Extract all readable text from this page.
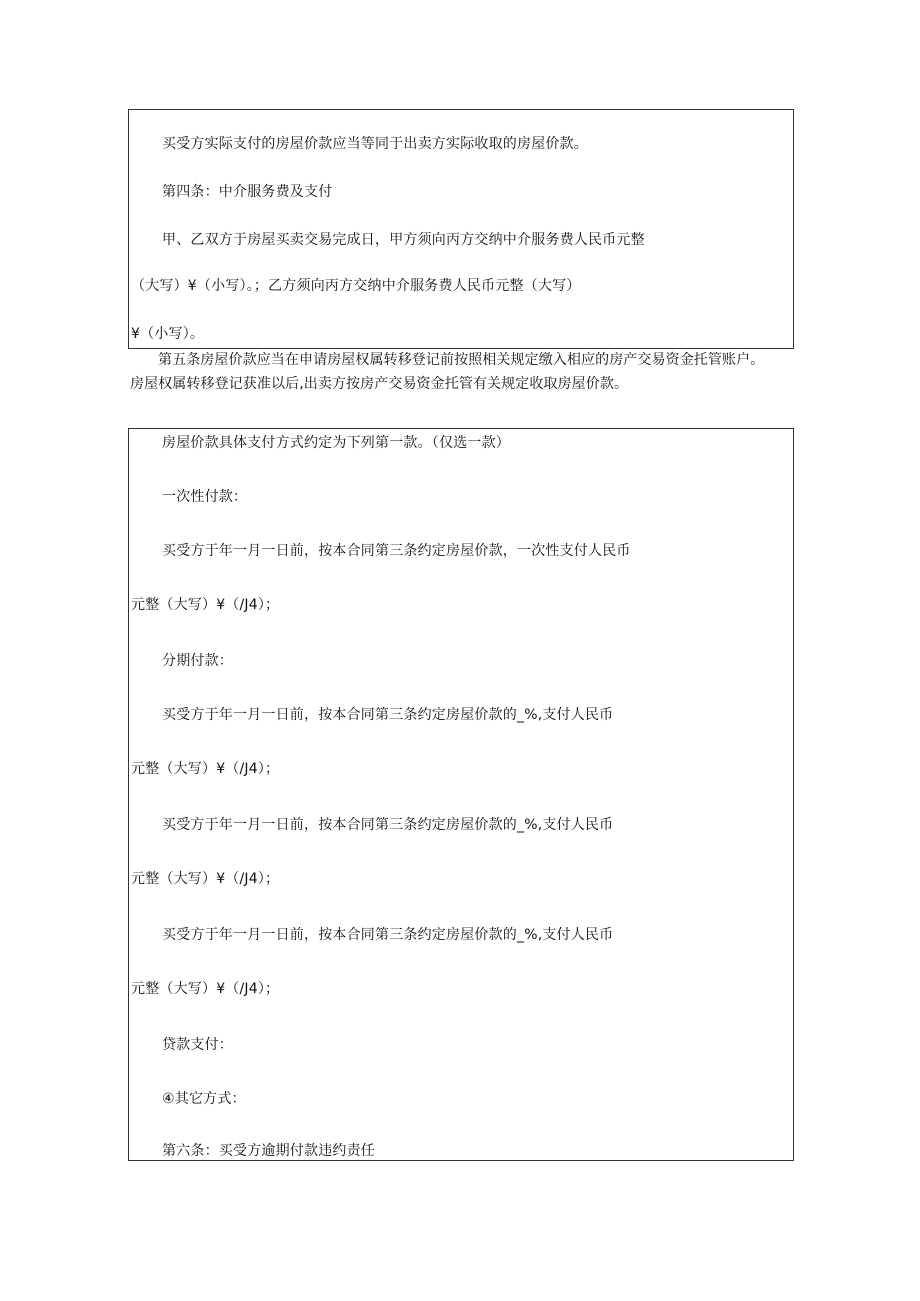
买受方实际支付的房屋价款应当等同于出卖方实际收取的房屋价款。
第四条：中介服务费及支付
甲、乙双方于房屋买卖交易完成日，甲方须向丙方交纳中介服务费人民币元整
（大写）¥（小写）。；乙方须向丙方交纳中介服务费人民币元整（大写）
¥（小写）。
第五条房屋价款应当在申请房屋权属转移登记前按照相关规定缴入相应的房产交易资金托管账户。房屋权属转移登记获准以后,出卖方按房产交易资金托管有关规定收取房屋价款。
房屋价款具体支付方式约定为下列第一款。（仅选一款）
一次性付款：
买受方于年一月一日前，按本合同第三条约定房屋价款，一次性支付人民币
元整（大写）¥（/J4）；
分期付款：
买受方于年一月一日前，按本合同第三条约定房屋价款的_%,支付人民币
元整（大写）¥（/J4）；
买受方于年一月一日前，按本合同第三条约定房屋价款的_%,支付人民币
元整（大写）¥（/J4）；
买受方于年一月一日前，按本合同第三条约定房屋价款的_%,支付人民币
元整（大写）¥（/J4）；
贷款支付：
④其它方式：
第六条：买受方逾期付款违约责任
